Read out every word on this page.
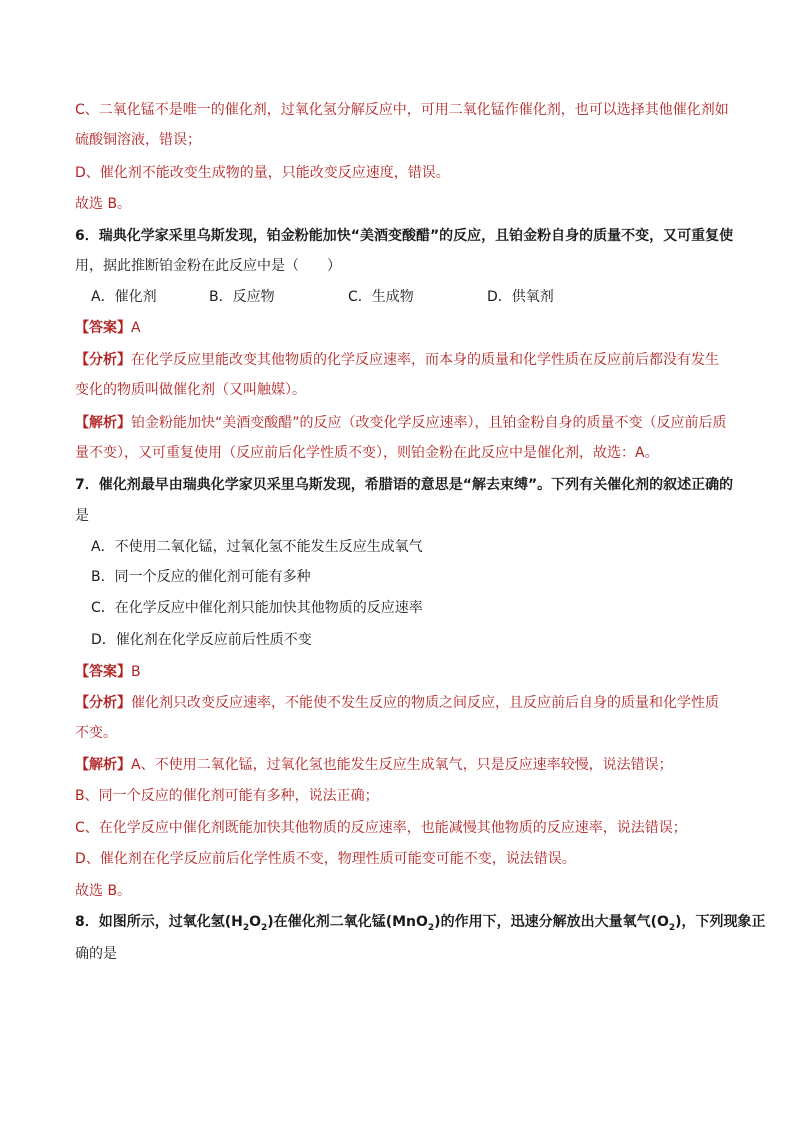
C、二氧化锰不是唯一的催化剂，过氧化氢分解反应中，可用二氧化锰作催化剂，也可以选择其他催化剂如
硫酸铜溶液，错误；
D、催化剂不能改变生成物的量，只能改变反应速度，错误。
故选 B。
6．瑞典化学家采里乌斯发现，铂金粉能加快“美酒变酸醋”的反应，且铂金粉自身的质量不变，又可重复使
用，据此推断铂金粉在此反应中是（　　）
A．催化剂	B．反应物	C．生成物	D．供氧剂
【答案】A
【分析】在化学反应里能改变其他物质的化学反应速率，而本身的质量和化学性质在反应前后都没有发生
变化的物质叫做催化剂（又叫触媒）。
【解析】铂金粉能加快“美酒变酸醋”的反应（改变化学反应速率），且铂金粉自身的质量不变（反应前后质
量不变），又可重复使用（反应前后化学性质不变），则铂金粉在此反应中是催化剂，故选：A。
7．催化剂最早由瑞典化学家贝采里乌斯发现，希腊语的意思是“解去束缚”。下列有关催化剂的叙述正确的
是
A．不使用二氧化锰，过氧化氢不能发生反应生成氧气
B．同一个反应的催化剂可能有多种
C．在化学反应中催化剂只能加快其他物质的反应速率
D．催化剂在化学反应前后性质不变
【答案】B
【分析】催化剂只改变反应速率，不能使不发生反应的物质之间反应，且反应前后自身的质量和化学性质
不变。
【解析】A、不使用二氧化锰，过氧化氢也能发生反应生成氧气，只是反应速率较慢，说法错误；
B、同一个反应的催化剂可能有多种，说法正确；
C、在化学反应中催化剂既能加快其他物质的反应速率，也能减慢其他物质的反应速率，说法错误；
D、催化剂在化学反应前后化学性质不变，物理性质可能变可能不变，说法错误。
故选 B。
8．如图所示，过氧化氢$(H_2O_2)$在催化剂二氧化锰(MnO$_2$)的作用下，迅速分解放出大量氧气$(O_2)$，下列现象正
确的是
